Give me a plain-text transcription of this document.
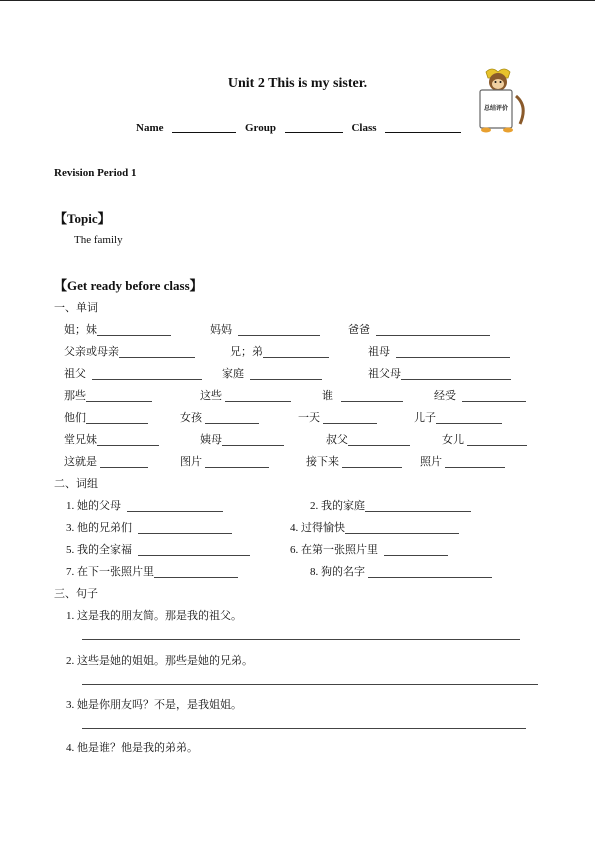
Unit 2 This is my sister.
总结评价
Name	Group	Class
Revision Period 1
【Topic】
The family
【Get ready before class】
一、单词
姐；妹	妈妈	爸爸
父亲或母亲	兄；弟	祖母
祖父	家庭	祖父母
那些	这些	谁	经受
他们	女孩	一天	儿子
堂兄妹	姨母	叔父	女儿
这就是	图片	接下来	照片
二、词组
1. 她的父母	2. 我的家庭
3. 他的兄弟们	4. 过得愉快
5. 我的全家福	6. 在第一张照片里
7. 在下一张照片里	8. 狗的名字
三、句子
1. 这是我的朋友简。那是我的祖父。
2. 这些是她的姐姐。那些是她的兄弟。
3. 她是你朋友吗？不是，是我姐姐。
4. 他是谁？他是我的弟弟。
